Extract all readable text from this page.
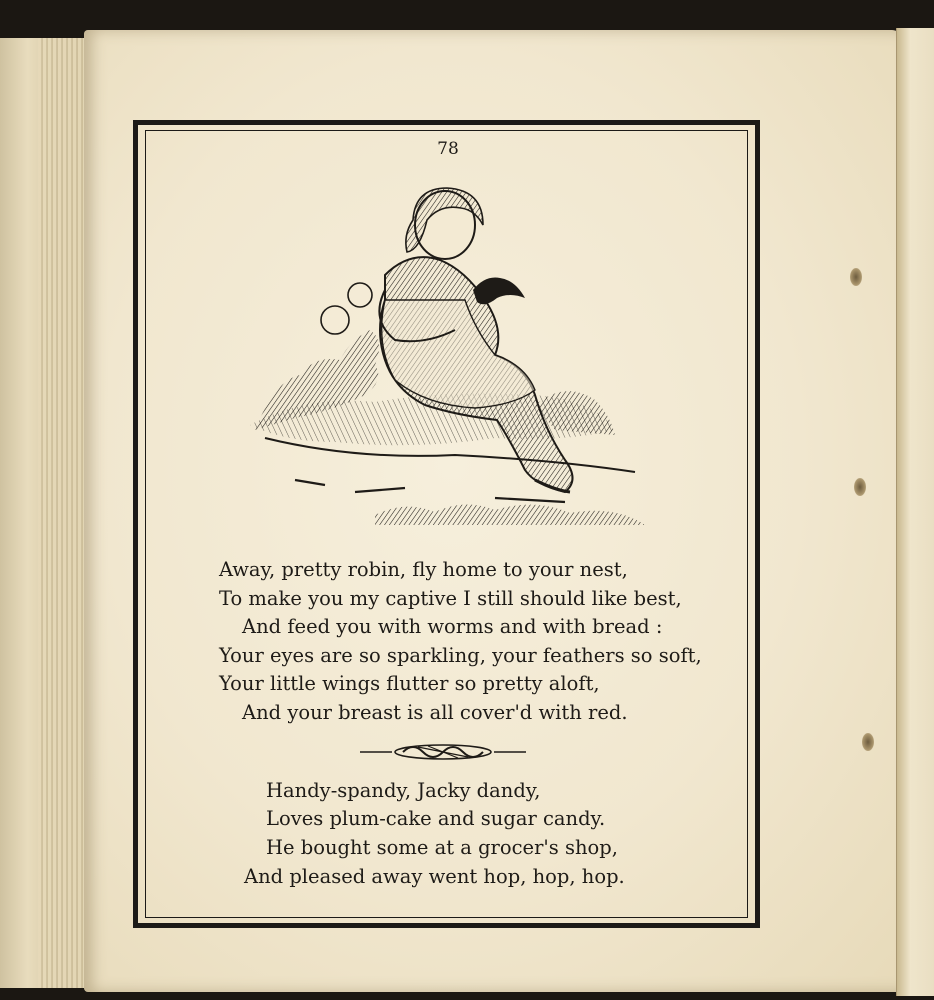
78
Away, pretty robin, fly home to your nest,
To make you my captive I still should like best,
And feed you with worms and with bread :
Your eyes are so sparkling, your feathers so soft,
Your little wings flutter so pretty aloft,
And your breast is all cover'd with red.
Handy-spandy, Jacky dandy,
Loves plum-cake and sugar candy.
He bought some at a grocer's shop,
And pleased away went hop, hop, hop.
